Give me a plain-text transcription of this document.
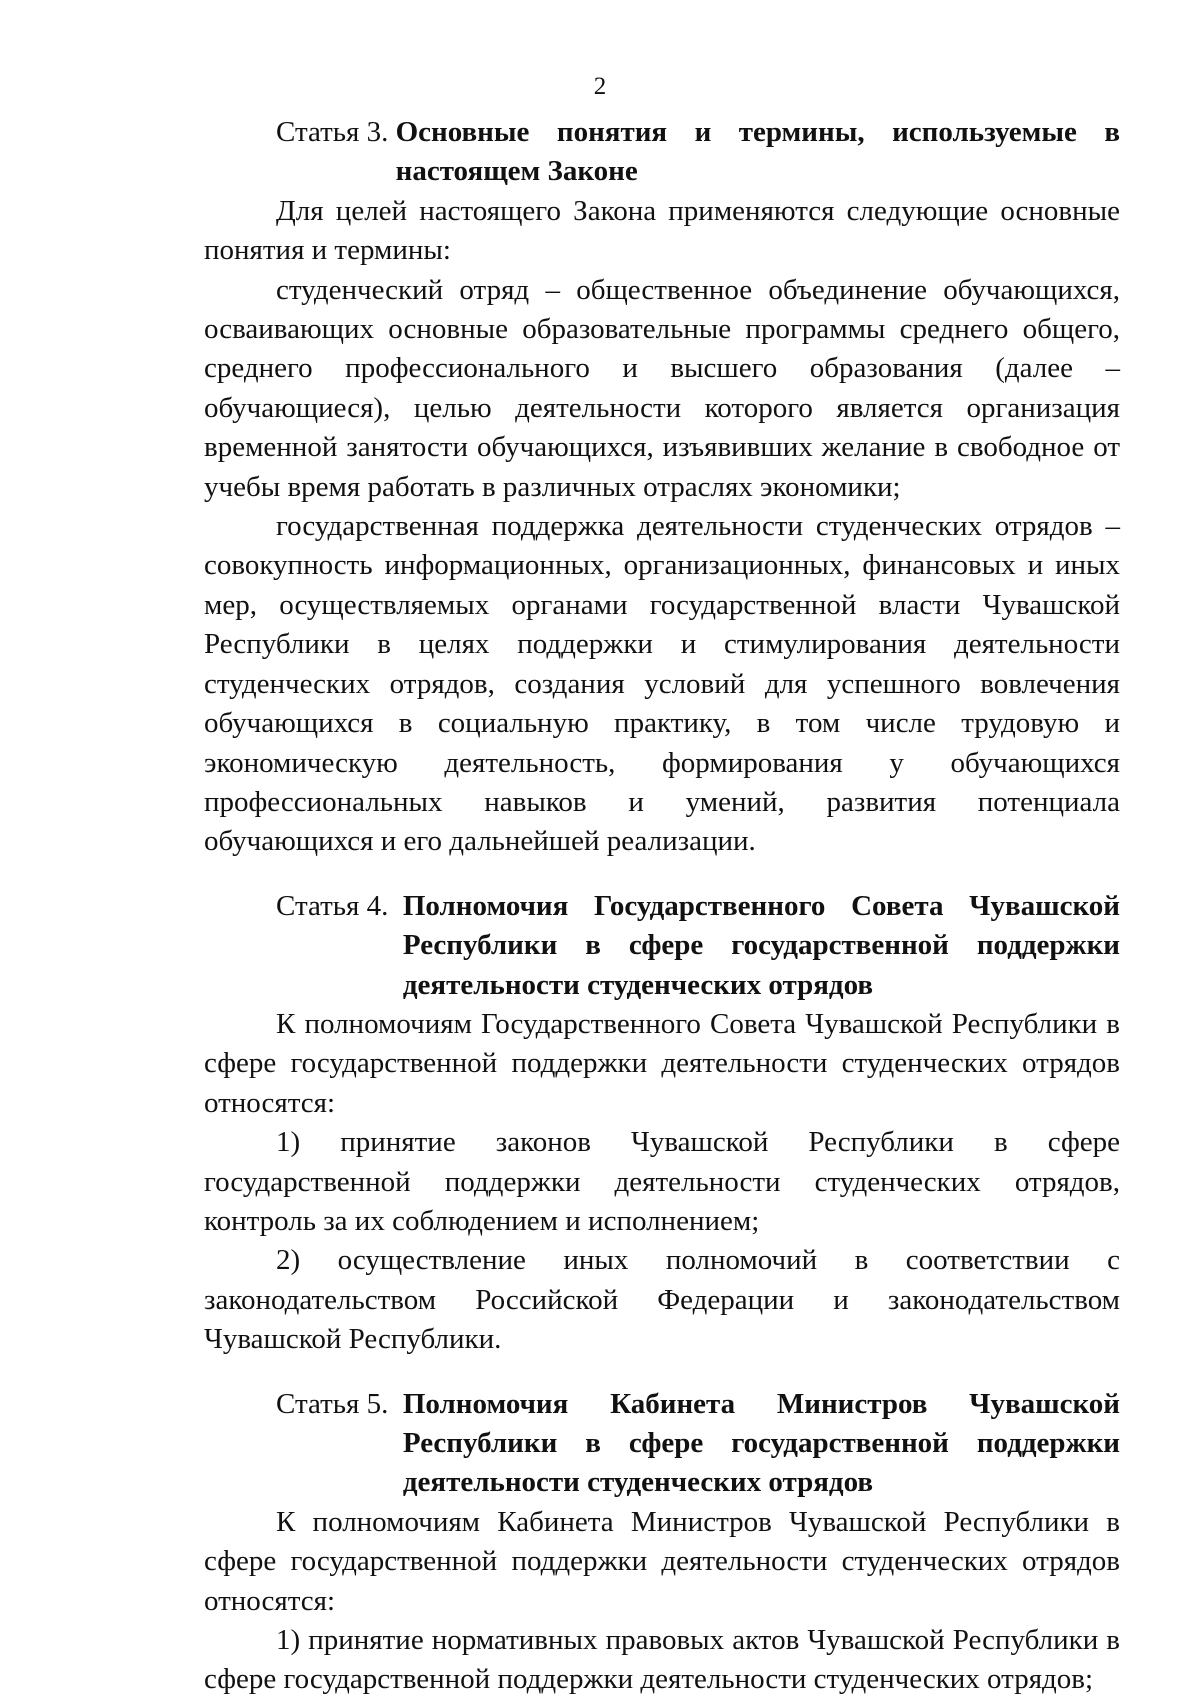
2
Статья 3.
Основные понятия и термины, используемые в настоящем Законе

Для целей настоящего Закона применяются следующие основные понятия и термины:

студенческий отряд – общественное объединение обучающихся, осваивающих основные образовательные программы среднего общего, среднего профессионального и высшего образования (далее – обучающиеся), целью деятельности которого является организация временной занятости обучающихся, изъявивших желание в свободное от учебы время работать в различных отраслях экономики;

государственная поддержка деятельности студенческих отрядов – совокупность информационных, организационных, финансовых и иных мер, осуществляемых органами государственной власти Чувашской Республики в целях поддержки и стимулирования деятельности студенческих отрядов, создания условий для успешного вовлечения обучающихся в социальную практику, в том числе трудовую и экономическую деятельность, формирования у обучающихся профессиональных навыков и умений, развития потенциала обучающихся и его дальнейшей реализации.

Статья 4.
Полномочия Государственного Совета Чувашской Республики в сфере государственной поддержки деятельности студенческих отрядов

К полномочиям Государственного Совета Чувашской Республики в сфере государственной поддержки деятельности студенческих отрядов относятся:

1) принятие законов Чувашской Республики в сфере государственной поддержки деятельности студенческих отрядов, контроль за их соблюдением и исполнением;

2) осуществление иных полномочий в соответствии с законодательством Российской Федерации и законодательством Чувашской Республики.

Статья 5.
Полномочия Кабинета Министров Чувашской Республики в сфере государственной поддержки деятельности студенческих отрядов

К полномочиям Кабинета Министров Чувашской Республики в сфере государственной поддержки деятельности студенческих отрядов относятся:

1) принятие нормативных правовых актов Чувашской Республики в сфере государственной поддержки деятельности студенческих отрядов;
